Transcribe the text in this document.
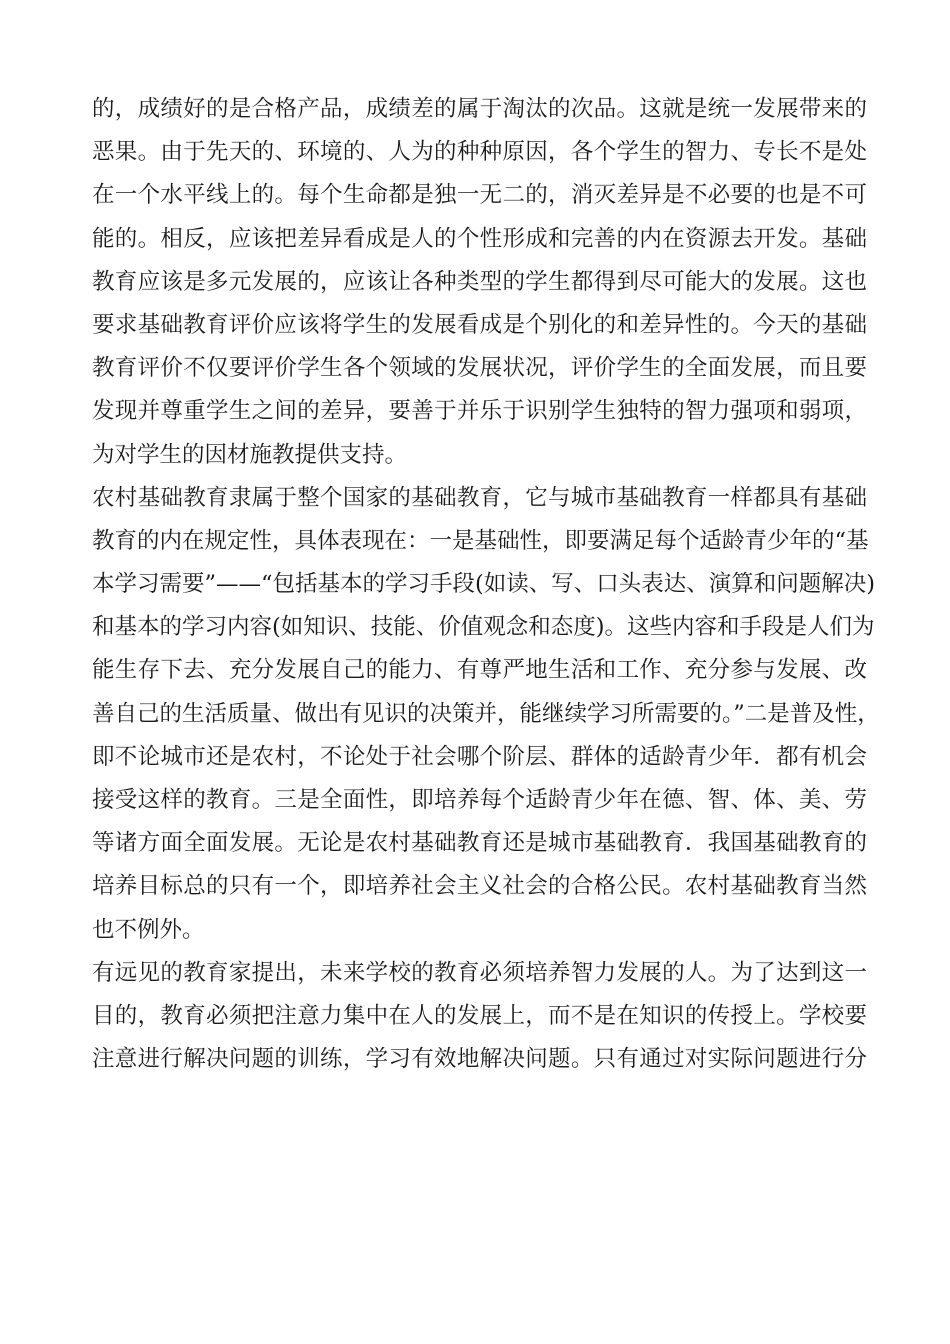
的，成绩好的是合格产品，成绩差的属于淘汰的次品。这就是统一发展带来的
恶果。由于先天的、环境的、人为的种种原因，各个学生的智力、专长不是处
在一个水平线上的。每个生命都是独一无二的，消灭差异是不必要的也是不可
能的。相反，应该把差异看成是人的个性形成和完善的内在资源去开发。基础
教育应该是多元发展的，应该让各种类型的学生都得到尽可能大的发展。这也
要求基础教育评价应该将学生的发展看成是个别化的和差异性的。今天的基础
教育评价不仅要评价学生各个领域的发展状况，评价学生的全面发展，而且要
发现并尊重学生之间的差异，要善于并乐于识别学生独特的智力强项和弱项，
为对学生的因材施教提供支持。
农村基础教育隶属于整个国家的基础教育，它与城市基础教育一样都具有基础
教育的内在规定性，具体表现在：一是基础性，即要满足每个适龄青少年的“基
本学习需要”——“包括基本的学习手段(如读、写、口头表达、演算和问题解决)
和基本的学习内容(如知识、技能、价值观念和态度)。这些内容和手段是人们为
能生存下去、充分发展自己的能力、有尊严地生活和工作、充分参与发展、改
善自己的生活质量、做出有见识的决策并，能继续学习所需要的。”二是普及性，
即不论城市还是农村，不论处于社会哪个阶层、群体的适龄青少年．都有机会
接受这样的教育。三是全面性，即培养每个适龄青少年在德、智、体、美、劳
等诸方面全面发展。无论是农村基础教育还是城市基础教育．我国基础教育的
培养目标总的只有一个，即培养社会主义社会的合格公民。农村基础教育当然
也不例外。
有远见的教育家提出，未来学校的教育必须培养智力发展的人。为了达到这一
目的，教育必须把注意力集中在人的发展上，而不是在知识的传授上。学校要
注意进行解决问题的训练，学习有效地解决问题。只有通过对实际问题进行分
